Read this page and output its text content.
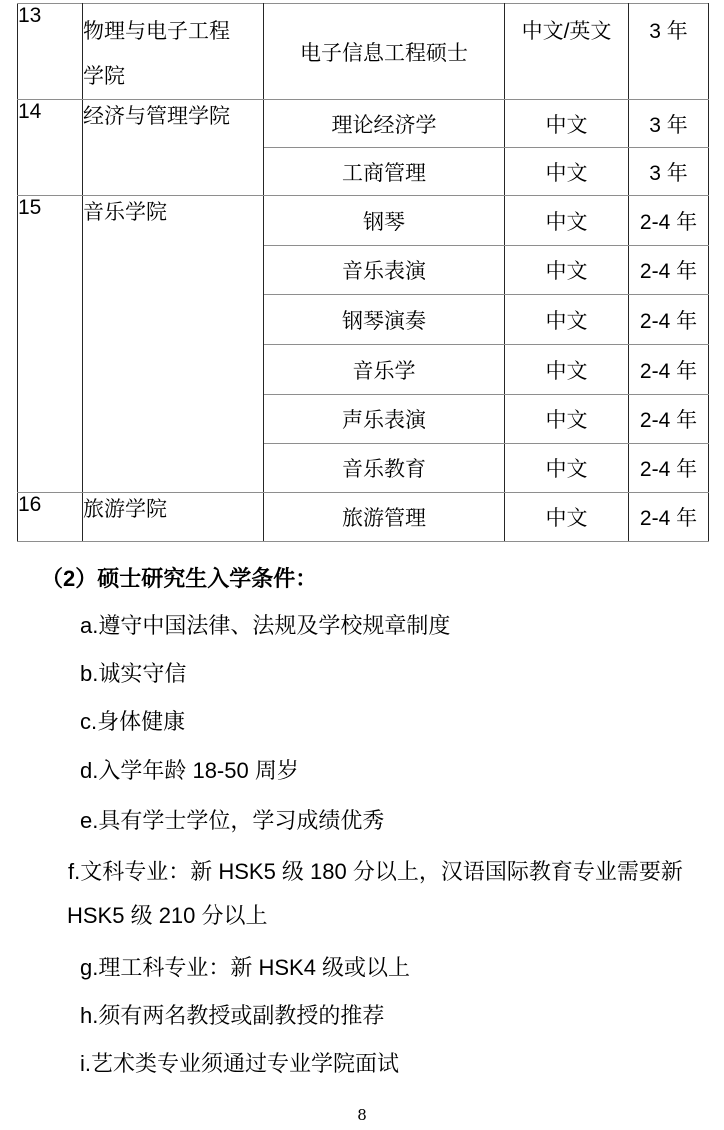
13	物理与电子工程学院	电子信息工程硕士	中文/英文	3 年
14	经济与管理学院	理论经济学	中文	3 年
		工商管理	中文	3 年
15	音乐学院	钢琴	中文	2-4 年
		音乐表演	中文	2-4 年
		钢琴演奏	中文	2-4 年
		音乐学	中文	2-4 年
		声乐表演	中文	2-4 年
		音乐教育	中文	2-4 年
16	旅游学院	旅游管理	中文	2-4 年
（2）硕士研究生入学条件：
a.遵守中国法律、法规及学校规章制度
b.诚实守信
c.身体健康
d.入学年龄 18-50 周岁
e.具有学士学位，学习成绩优秀
f.文科专业：新 HSK5 级 180 分以上，汉语国际教育专业需要新
HSK5 级 210 分以上
g.理工科专业：新 HSK4 级或以上
h.须有两名教授或副教授的推荐
i.艺术类专业须通过专业学院面试
8
